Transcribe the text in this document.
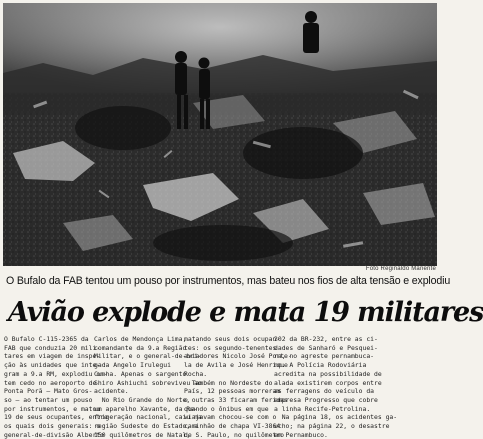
Foto Reginaldo Manente
O Bufalo da FAB tentou um pouso por instrumentos, mas bateu nos fios de alta tensão e explodiu
Avião explode e mata 19 militares

O Bufalo C-115-2365 da

FAB que conduzia 20 mili-

tares em viagem de inspe-

ção às unidades que inte-

gram a 9.a RM, explodiu on-

tem cedo no aeroporto de

Ponta Porã — Mato Gros-

so — ao tentar um pouso

por instrumentos, e matou

19 de seus ocupantes, entre

os quais dois generais: o

general-de-divisão Alberto

Carlos de Mendonça Lima,

comandante da 9.a Região

Militar, e o general-de-bri-

gada Angelo Irulegui

Cunha. Apenas o sargento

Shiro Ashiuchi sobreviveu ao

acidente.

No Rio Grande do Norte,

um aparelho Xavante, da Re-

frigeração nacional, caiu na

região Sudeste do Estado, a

150 quilômetros de Natal,

matando seus dois ocupan-

tes: os segundo-tenentes

aviadores Nicolo José Porte-

la de Avila e José Henrique

Rocha.

Também no Nordeste do

País, 12 pessoas morreram

e outras 33 ficaram feridas

quando o ônibus em que

viajavam chocou-se com o

caminhão de chapa VI-3864

de S. Paulo, no quilômetro

202 da BR-232, entre as ci-

dades de Sanharó e Pesquei-

ra, no agreste pernambuca-

no. A Polícia Rodoviária

acredita na possibilidade de

alada existirem corpos entre

as ferragens do veículo da

empresa Progresso que cobre

a linha Recife-Petrolina.

Na página 18, os acidentes ga-

ucho; na página 22, o desastre

em Pernambuco.
